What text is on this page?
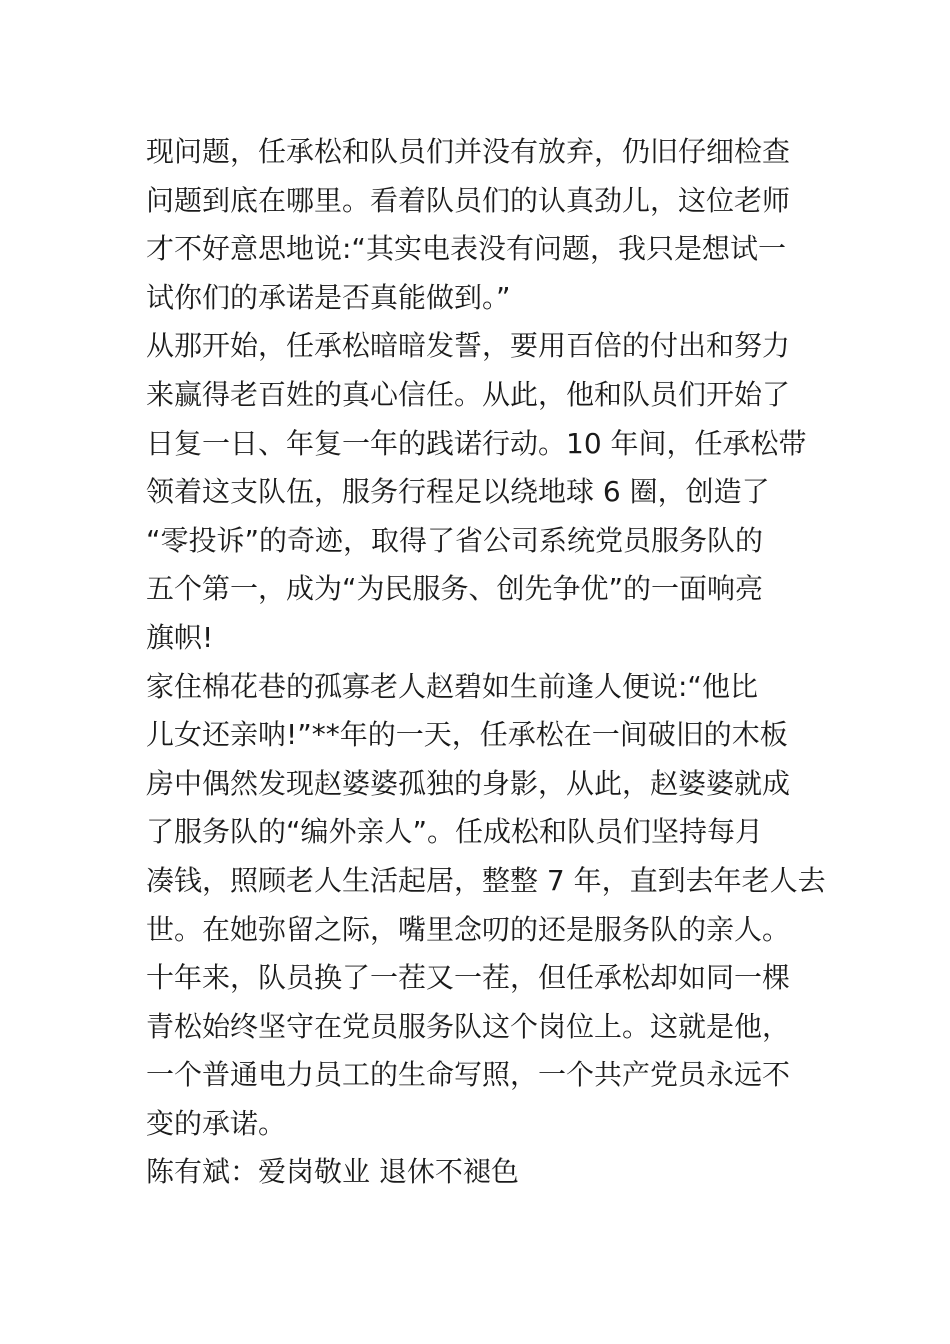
现问题，任承松和队员们并没有放弃，仍旧仔细检查
问题到底在哪里。看着队员们的认真劲儿，这位老师
才不好意思地说:“其实电表没有问题，我只是想试一
试你们的承诺是否真能做到。”
从那开始，任承松暗暗发誓，要用百倍的付出和努力
来赢得老百姓的真心信任。从此，他和队员们开始了
日复一日、年复一年的践诺行动。10 年间，任承松带
领着这支队伍，服务行程足以绕地球 6 圈，创造了
“零投诉”的奇迹，取得了省公司系统党员服务队的
五个第一，成为“为民服务、创先争优”的一面响亮
旗帜!
家住棉花巷的孤寡老人赵碧如生前逢人便说:“他比
儿女还亲呐!”**年的一天，任承松在一间破旧的木板
房中偶然发现赵婆婆孤独的身影，从此，赵婆婆就成
了服务队的“编外亲人”。任成松和队员们坚持每月
凑钱，照顾老人生活起居，整整 7 年，直到去年老人去
世。在她弥留之际，嘴里念叨的还是服务队的亲人。
十年来，队员换了一茬又一茬，但任承松却如同一棵
青松始终坚守在党员服务队这个岗位上。这就是他，
一个普通电力员工的生命写照，一个共产党员永远不
变的承诺。
陈有斌：爱岗敬业 退休不褪色
